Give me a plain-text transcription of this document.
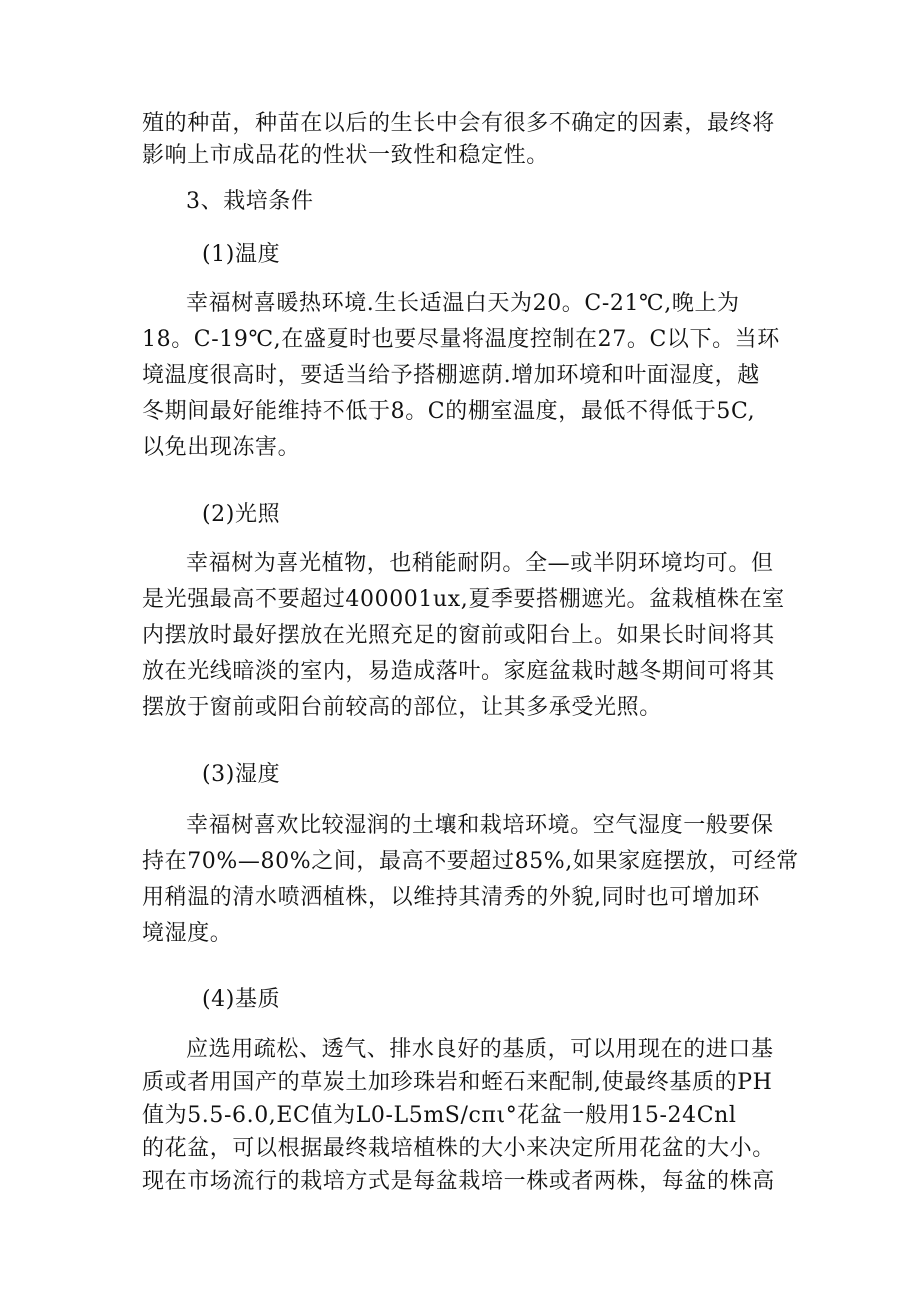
殖的种苗，种苗在以后的生长中会有很多不确定的因素，最终将
影响上市成品花的性状一致性和稳定性。
3、栽培条件
(1)温度
幸福树喜暖热环境.生长适温白天为20。C-21℃,晚上为
18。C-19℃,在盛夏时也要尽量将温度控制在27。C以下。当环
境温度很高时，要适当给予搭棚遮荫.增加环境和叶面湿度，越
冬期间最好能维持不低于8。C的棚室温度，最低不得低于5C,
以免出现冻害。
(2)光照
幸福树为喜光植物，也稍能耐阴。全—或半阴环境均可。但
是光强最高不要超过400001ux,夏季要搭棚遮光。盆栽植株在室
内摆放时最好摆放在光照充足的窗前或阳台上。如果长时间将其
放在光线暗淡的室内，易造成落叶。家庭盆栽时越冬期间可将其
摆放于窗前或阳台前较高的部位，让其多承受光照。
(3)湿度
幸福树喜欢比较湿润的土壤和栽培环境。空气湿度一般要保
持在70%—80%之间，最高不要超过85%,如果家庭摆放，可经常
用稍温的清水喷洒植株，以维持其清秀的外貌,同时也可增加环
境湿度。
(4)基质
应选用疏松、透气、排水良好的基质，可以用现在的进口基
质或者用国产的草炭土加珍珠岩和蛭石来配制,使最终基质的PH
值为5.5-6.0,EC值为L0-L5mS/cπι°花盆一般用15-24Cnl
的花盆，可以根据最终栽培植株的大小来决定所用花盆的大小。
现在市场流行的栽培方式是每盆栽培一株或者两株，每盆的株高
